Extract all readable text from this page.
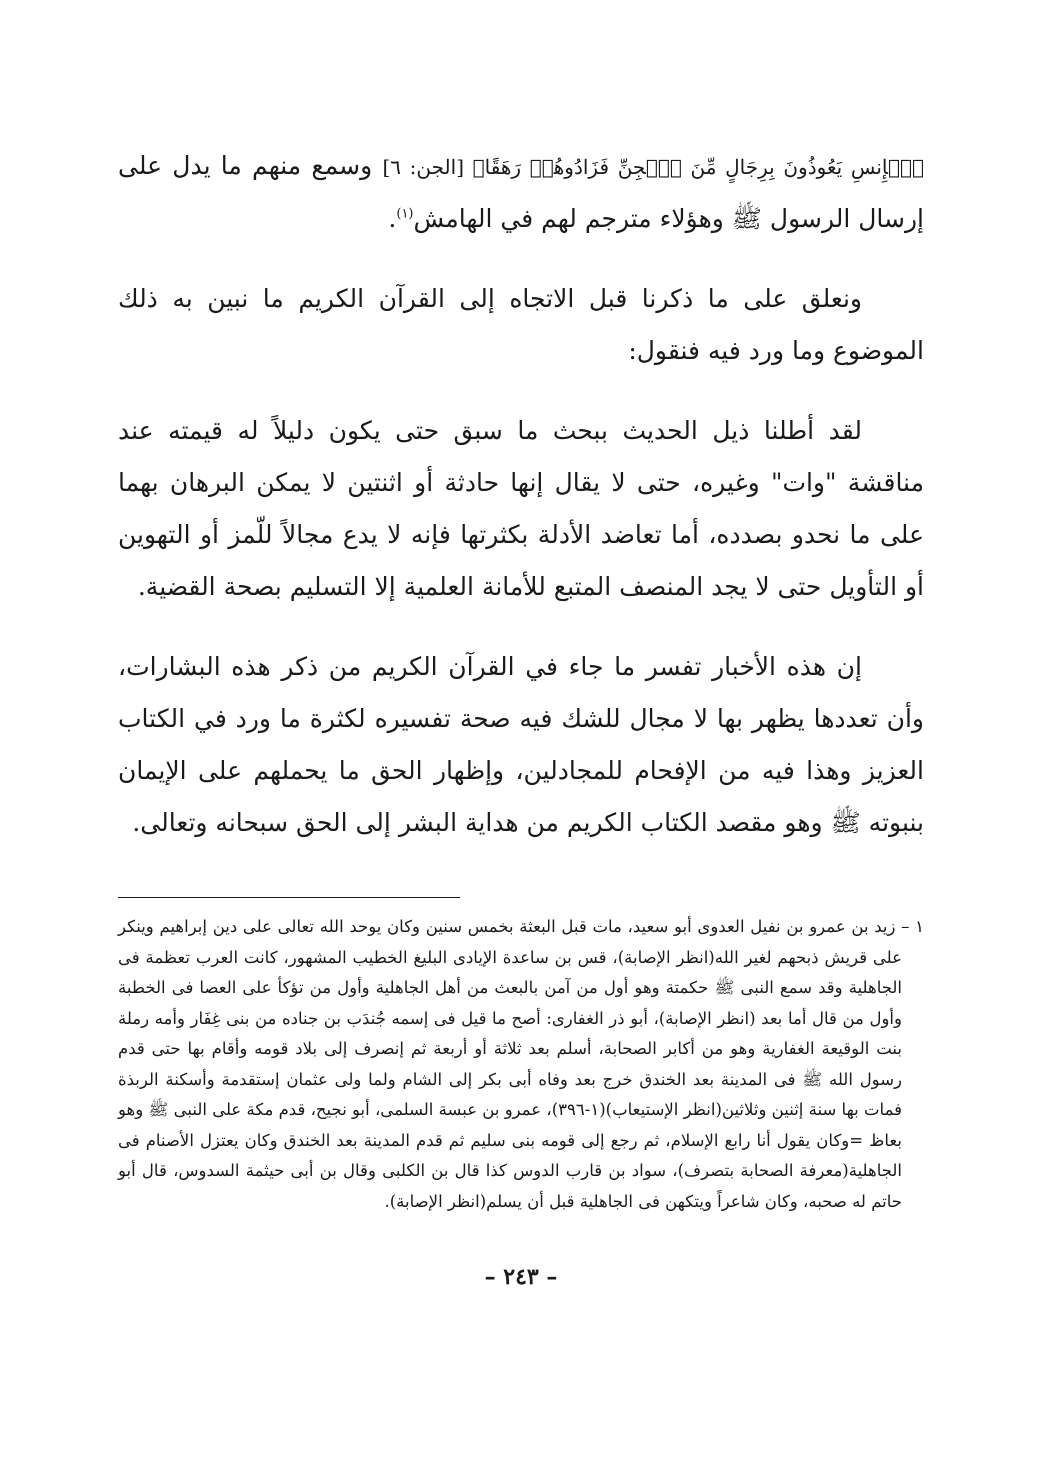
ٱلۡإِنسِ يَعُوذُونَ بِرِجَالٍ مِّنَ ٱلۡجِنِّ فَزَادُوهُمۡ رَهَقًا﴾ [الجن: ٦] وسمع منهم ما يدل على إرسال الرسول ﷺ وهؤلاء مترجم لهم في الهامش$^{(١)}$.

ونعلق على ما ذكرنا قبل الاتجاه إلى القرآن الكريم ما نبين به ذلك الموضوع وما ورد فيه فنقول:

لقد أطلنا ذيل الحديث ببحث ما سبق حتى يكون دليلاً له قيمته عند مناقشة "وات" وغيره، حتى لا يقال إنها حادثة أو اثنتين لا يمكن البرهان بهما على ما نحدو بصدده، أما تعاضد الأدلة بكثرتها فإنه لا يدع مجالاً للّمز أو التهوين أو التأويل حتى لا يجد المنصف المتبع للأمانة العلمية إلا التسليم بصحة القضية.

إن هذه الأخبار تفسر ما جاء في القرآن الكريم من ذكر هذه البشارات، وأن تعددها يظهر بها لا مجال للشك فيه صحة تفسيره لكثرة ما ورد في الكتاب العزيز وهذا فيه من الإفحام للمجادلين، وإظهار الحق ما يحملهم على الإيمان بنبوته ﷺ وهو مقصد الكتاب الكريم من هداية البشر إلى الحق سبحانه وتعالى.

١ – زيد بن عمرو بن نفيل العدوى أبو سعيد، مات قبل البعثة بخمس سنين وكان يوحد الله تعالى على دين إبراهيم وينكر على قريش ذبحهم لغير الله(انظر الإصابة)، قس بن ساعدة الإيادى البليغ الخطيب المشهور، كانت العرب تعظمة فى الجاهلية وقد سمع النبى ﷺ حكمتة وهو أول من آمن بالبعث من أهل الجاهلية وأول من تؤكأ على العصا فى الخطبة وأول من قال أما بعد (انظر الإصابة)، أبو ذر الغفارى: أصح ما قيل فى إسمه جُندَب بن جناده من بنى غِفَار وأمه رملة بنت الوقيعة الغفارية وهو من أكابر الصحابة، أسلم بعد ثلاثة أو أربعة ثم إنصرف إلى بلاد قومه وأقام بها حتى قدم رسول الله ﷺ فى المدينة بعد الخندق خرج بعد وفاه أبى بكر إلى الشام ولما ولى عثمان إستقدمة وأسكنة الربذة فمات بها سنة إثنين وثلاثين(انظر الإستيعاب)(١-٣٩٦)، عمرو بن عبسة السلمى، أبو نجيح، قدم مكة على النبى ﷺ وهو بعاظ =وكان يقول أنا رابع الإسلام، ثم رجع إلى قومه بنى سليم ثم قدم المدينة بعد الخندق وكان يعتزل الأصنام فى الجاهلية(معرفة الصحابة بتصرف)، سواد بن قارب الدوس كذا قال بن الكلبى وقال بن أبى حيثمة السدوس، قال أبو حاتم له صحبه، وكان شاعراً ويتكهن فى الجاهلية قبل أن يسلم(انظر الإصابة).

– ٢٤٣ –
